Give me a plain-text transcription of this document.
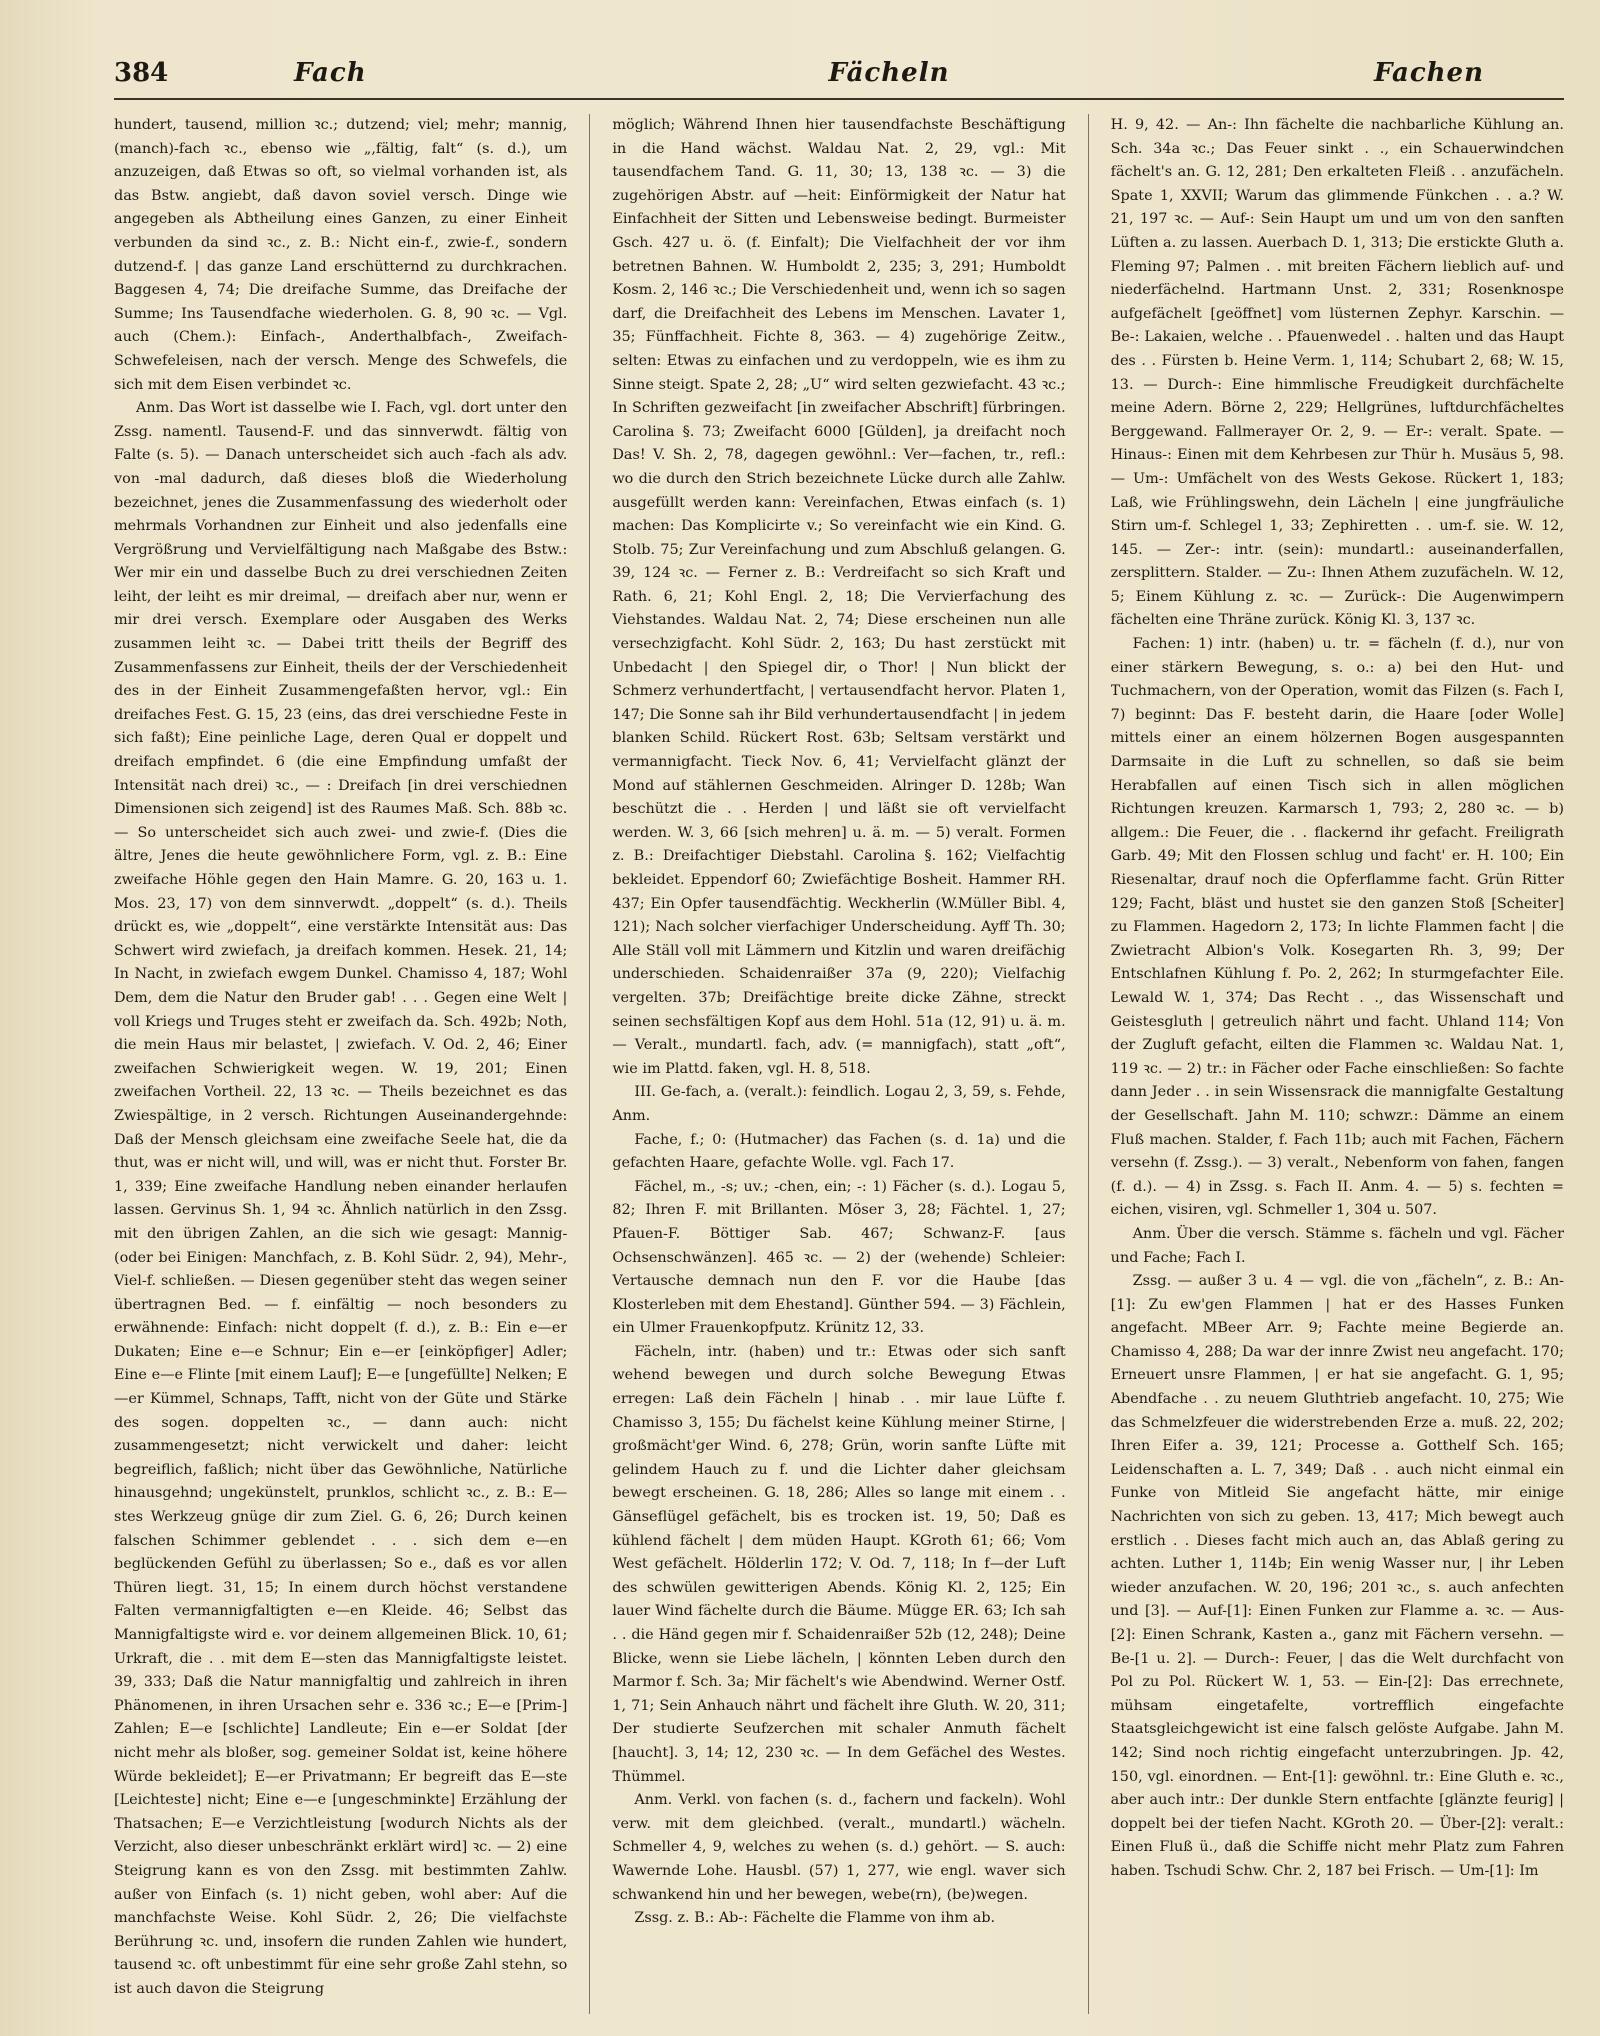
384	Fach	Fächeln	Fachen

hundert, tausend, million ꝛc.; dutzend; viel; mehr; mannig, (manch)-fach ꝛc., ebenso wie „‚fältig, falt“ (s. d.), um anzuzeigen, daß Etwas so oft, so vielmal vorhanden ist, als das Bstw. angiebt, daß davon soviel versch. Dinge wie angegeben als Abtheilung eines Ganzen, zu einer Einheit verbunden da sind ꝛc., z. B.: Nicht ein-f., zwie-f., sondern dutzend-f. | das ganze Land erschütternd zu durchkrachen. Baggesen 4, 74; Die dreifache Summe, das Dreifache der Summe; Ins Tausendfache wiederholen. G. 8, 90 ꝛc. — Vgl. auch (Chem.): Einfach-, Anderthalbfach-, Zweifach-Schwefeleisen, nach der versch. Menge des Schwefels, die sich mit dem Eisen verbindet ꝛc.

Anm. Das Wort ist dasselbe wie I. Fach, vgl. dort unter den Zssg. namentl. Tausend-F. und das sinnverwdt. fältig von Falte (s. 5). — Danach unterscheidet sich auch -fach als adv. von -mal dadurch, daß dieses bloß die Wiederholung bezeichnet, jenes die Zusammenfassung des wiederholt oder mehrmals Vorhandnen zur Einheit und also jedenfalls eine Vergrößrung und Vervielfältigung nach Maßgabe des Bstw.: Wer mir ein und dasselbe Buch zu drei verschiednen Zeiten leiht, der leiht es mir dreimal, — dreifach aber nur, wenn er mir drei versch. Exemplare oder Ausgaben des Werks zusammen leiht ꝛc. — Dabei tritt theils der Begriff des Zusammenfassens zur Einheit, theils der der Verschiedenheit des in der Einheit Zusammengefaßten hervor, vgl.: Ein dreifaches Fest. G. 15, 23 (eins, das drei verschiedne Feste in sich faßt); Eine peinliche Lage, deren Qual er doppelt und dreifach empfindet. 6 (die eine Empfindung umfaßt der Intensität nach drei) ꝛc., — : Dreifach [in drei verschiednen Dimensionen sich zeigend] ist des Raumes Maß. Sch. 88b ꝛc. — So unterscheidet sich auch zwei- und zwie-f. (Dies die ältre, Jenes die heute gewöhnlichere Form, vgl. z. B.: Eine zweifache Höhle gegen den Hain Mamre. G. 20, 163 u. 1. Mos. 23, 17) von dem sinnverwdt. „doppelt“ (s. d.). Theils drückt es, wie „doppelt“, eine verstärkte Intensität aus: Das Schwert wird zwiefach, ja dreifach kommen. Hesek. 21, 14; In Nacht, in zwiefach ewgem Dunkel. Chamisso 4, 187; Wohl Dem, dem die Natur den Bruder gab! . . . Gegen eine Welt | voll Kriegs und Truges steht er zweifach da. Sch. 492b; Noth, die mein Haus mir belastet, | zwiefach. V. Od. 2, 46; Einer zweifachen Schwierigkeit wegen. W. 19, 201; Einen zweifachen Vortheil. 22, 13 ꝛc. — Theils bezeichnet es das Zwiespältige, in 2 versch. Richtungen Auseinandergehnde: Daß der Mensch gleichsam eine zweifache Seele hat, die da thut, was er nicht will, und will, was er nicht thut. Forster Br. 1, 339; Eine zweifache Handlung neben einander herlaufen lassen. Gervinus Sh. 1, 94 ꝛc. Ähnlich natürlich in den Zssg. mit den übrigen Zahlen, an die sich wie gesagt: Mannig- (oder bei Einigen: Manchfach, z. B. Kohl Südr. 2, 94), Mehr-, Viel-f. schließen. — Diesen gegenüber steht das wegen seiner übertragnen Bed. — f. einfältig — noch besonders zu erwähnende: Einfach: nicht doppelt (f. d.), z. B.: Ein e—er Dukaten; Eine e—e Schnur; Ein e—er [einköpfiger] Adler; Eine e—e Flinte [mit einem Lauf]; E—e [ungefüllte] Nelken; E—er Kümmel, Schnaps, Tafft, nicht von der Güte und Stärke des sogen. doppelten ꝛc., — dann auch: nicht zusammengesetzt; nicht verwickelt und daher: leicht begreiflich, faßlich; nicht über das Gewöhnliche, Natürliche hinausgehnd; ungekünstelt, prunklos, schlicht ꝛc., z. B.: E—stes Werkzeug gnüge dir zum Ziel. G. 6, 26; Durch keinen falschen Schimmer geblendet . . . sich dem e—en beglückenden Gefühl zu überlassen; So e., daß es vor allen Thüren liegt. 31, 15; In einem durch höchst verstandene Falten vermannigfaltigten e—en Kleide. 46; Selbst das Mannigfaltigste wird e. vor deinem allgemeinen Blick. 10, 61; Urkraft, die . . mit dem E—sten das Mannigfaltigste leistet. 39, 333; Daß die Natur mannigfaltig und zahlreich in ihren Phänomenen, in ihren Ursachen sehr e. 336 ꝛc.; E—e [Prim-] Zahlen; E—e [schlichte] Landleute; Ein e—er Soldat [der nicht mehr als bloßer, sog. gemeiner Soldat ist, keine höhere Würde bekleidet]; E—er Privatmann; Er begreift das E—ste [Leichteste] nicht; Eine e—e [ungeschminkte] Erzählung der Thatsachen; E—e Verzichtleistung [wodurch Nichts als der Verzicht, also dieser unbeschränkt erklärt wird] ꝛc. — 2) eine Steigrung kann es von den Zssg. mit bestimmten Zahlw. außer von Einfach (s. 1) nicht geben, wohl aber: Auf die manchfachste Weise. Kohl Südr. 2, 26; Die vielfachste Berührung ꝛc. und, insofern die runden Zahlen wie hundert, tausend ꝛc. oft unbestimmt für eine sehr große Zahl stehn, so ist auch davon die Steigrung

möglich; Während Ihnen hier tausendfachste Beschäftigung in die Hand wächst. Waldau Nat. 2, 29, vgl.: Mit tausendfachem Tand. G. 11, 30; 13, 138 ꝛc. — 3) die zugehörigen Abstr. auf —heit: Einförmigkeit der Natur hat Einfachheit der Sitten und Lebensweise bedingt. Burmeister Gsch. 427 u. ö. (f. Einfalt); Die Vielfachheit der vor ihm betretnen Bahnen. W. Humboldt 2, 235; 3, 291; Humboldt Kosm. 2, 146 ꝛc.; Die Verschiedenheit und, wenn ich so sagen darf, die Dreifachheit des Lebens im Menschen. Lavater 1, 35; Fünffachheit. Fichte 8, 363. — 4) zugehörige Zeitw., selten: Etwas zu einfachen und zu verdoppeln, wie es ihm zu Sinne steigt. Spate 2, 28; „U“ wird selten gezwiefacht. 43 ꝛc.; In Schriften gezweifacht [in zweifacher Abschrift] fürbringen. Carolina §. 73; Zweifacht 6000 [Gülden], ja dreifacht noch Das! V. Sh. 2, 78, dagegen gewöhnl.: Ver—fachen, tr., refl.: wo die durch den Strich bezeichnete Lücke durch alle Zahlw. ausgefüllt werden kann: Vereinfachen, Etwas einfach (s. 1) machen: Das Komplicirte v.; So vereinfacht wie ein Kind. G. Stolb. 75; Zur Vereinfachung und zum Abschluß gelangen. G. 39, 124 ꝛc. — Ferner z. B.: Verdreifacht so sich Kraft und Rath. 6, 21; Kohl Engl. 2, 18; Die Vervierfachung des Viehstandes. Waldau Nat. 2, 74; Diese erscheinen nun alle versechzigfacht. Kohl Südr. 2, 163; Du hast zerstückt mit Unbedacht | den Spiegel dir, o Thor! | Nun blickt der Schmerz verhundertfacht, | vertausendfacht hervor. Platen 1, 147; Die Sonne sah ihr Bild verhundertausendfacht | in jedem blanken Schild. Rückert Rost. 63b; Seltsam verstärkt und vermannigfacht. Tieck Nov. 6, 41; Vervielfacht glänzt der Mond auf stählernen Geschmeiden. Alringer D. 128b; Wan beschützt die . . Herden | und läßt sie oft vervielfacht werden. W. 3, 66 [sich mehren] u. ä. m. — 5) veralt. Formen z. B.: Dreifachtiger Diebstahl. Carolina §. 162; Vielfachtig bekleidet. Eppendorf 60; Zwiefächtige Bosheit. Hammer RH. 437; Ein Opfer tausendfächtig. Weckherlin (W.Müller Bibl. 4, 121); Nach solcher vierfachiger Underscheidung. Ayff Th. 30; Alle Ställ voll mit Lämmern und Kitzlin und waren dreifächig underschieden. Schaidenraißer 37a (9, 220); Vielfachig vergelten. 37b; Dreifächtige breite dicke Zähne, streckt seinen sechsfältigen Kopf aus dem Hohl. 51a (12, 91) u. ä. m. — Veralt., mundartl. fach, adv. (= mannigfach), statt „oft“, wie im Plattd. faken, vgl. H. 8, 518.

III. Ge-fach, a. (veralt.): feindlich. Logau 2, 3, 59, s. Fehde, Anm.

Fache, f.; 0: (Hutmacher) das Fachen (s. d. 1a) und die gefachten Haare, gefachte Wolle. vgl. Fach 17.

Fächel, m., -s; uv.; -chen, ein; -: 1) Fächer (s. d.). Logau 5, 82; Ihren F. mit Brillanten. Möser 3, 28; Fächtel. 1, 27; Pfauen-F. Böttiger Sab. 467; Schwanz-F. [aus Ochsenschwänzen]. 465 ꝛc. — 2) der (wehende) Schleier: Vertausche demnach nun den F. vor die Haube [das Klosterleben mit dem Ehestand]. Günther 594. — 3) Fächlein, ein Ulmer Frauenkopfputz. Krünitz 12, 33.

Fächeln, intr. (haben) und tr.: Etwas oder sich sanft wehend bewegen und durch solche Bewegung Etwas erregen: Laß dein Fächeln | hinab . . mir laue Lüfte f. Chamisso 3, 155; Du fächelst keine Kühlung meiner Stirne, | großmächt'ger Wind. 6, 278; Grün, worin sanfte Lüfte mit gelindem Hauch zu f. und die Lichter daher gleichsam bewegt erscheinen. G. 18, 286; Alles so lange mit einem . . Gänseflügel gefächelt, bis es trocken ist. 19, 50; Daß es kühlend fächelt | dem müden Haupt. KGroth 61; 66; Vom West gefächelt. Hölderlin 172; V. Od. 7, 118; In f—der Luft des schwülen gewitterigen Abends. König Kl. 2, 125; Ein lauer Wind fächelte durch die Bäume. Mügge ER. 63; Ich sah . . die Händ gegen mir f. Schaidenraißer 52b (12, 248); Deine Blicke, wenn sie Liebe lächeln, | könnten Leben durch den Marmor f. Sch. 3a; Mir fächelt's wie Abendwind. Werner Ostf. 1, 71; Sein Anhauch nährt und fächelt ihre Gluth. W. 20, 311; Der studierte Seufzerchen mit schaler Anmuth fächelt [haucht]. 3, 14; 12, 230 ꝛc. — In dem Gefächel des Westes. Thümmel.

Anm. Verkl. von fachen (s. d., fachern und fackeln). Wohl verw. mit dem gleichbed. (veralt., mundartl.) wächeln. Schmeller 4, 9, welches zu wehen (s. d.) gehört. — S. auch: Wawernde Lohe. Hausbl. (57) 1, 277, wie engl. waver sich schwankend hin und her bewegen, webe(rn), (be)wegen.

Zssg. z. B.: Ab-: Fächelte die Flamme von ihm ab.

H. 9, 42. — An-: Ihn fächelte die nachbarliche Kühlung an. Sch. 34a ꝛc.; Das Feuer sinkt . ., ein Schauerwindchen fächelt's an. G. 12, 281; Den erkalteten Fleiß . . anzufächeln. Spate 1, XXVII; Warum das glimmende Fünkchen . . a.? W. 21, 197 ꝛc. — Auf-: Sein Haupt um und um von den sanften Lüften a. zu lassen. Auerbach D. 1, 313; Die erstickte Gluth a. Fleming 97; Palmen . . mit breiten Fächern lieblich auf- und niederfächelnd. Hartmann Unst. 2, 331; Rosenknospe aufgefächelt [geöffnet] vom lüsternen Zephyr. Karschin. — Be-: Lakaien, welche . . Pfauenwedel . . halten und das Haupt des . . Fürsten b. Heine Verm. 1, 114; Schubart 2, 68; W. 15, 13. — Durch-: Eine himmlische Freudigkeit durchfächelte meine Adern. Börne 2, 229; Hellgrünes, luftdurchfächeltes Berggewand. Fallmerayer Or. 2, 9. — Er-: veralt. Spate. — Hinaus-: Einen mit dem Kehrbesen zur Thür h. Musäus 5, 98. — Um-: Umfächelt von des Wests Gekose. Rückert 1, 183; Laß, wie Frühlingswehn, dein Lächeln | eine jungfräuliche Stirn um-f. Schlegel 1, 33; Zephiretten . . um-f. sie. W. 12, 145. — Zer-: intr. (sein): mundartl.: auseinanderfallen, zersplittern. Stalder. — Zu-: Ihnen Athem zuzufächeln. W. 12, 5; Einem Kühlung z. ꝛc. — Zurück-: Die Augenwimpern fächelten eine Thräne zurück. König Kl. 3, 137 ꝛc.

Fachen: 1) intr. (haben) u. tr. = fächeln (f. d.), nur von einer stärkern Bewegung, s. o.: a) bei den Hut- und Tuchmachern, von der Operation, womit das Filzen (s. Fach I, 7) beginnt: Das F. besteht darin, die Haare [oder Wolle] mittels einer an einem hölzernen Bogen ausgespannten Darmsaite in die Luft zu schnellen, so daß sie beim Herabfallen auf einen Tisch sich in allen möglichen Richtungen kreuzen. Karmarsch 1, 793; 2, 280 ꝛc. — b) allgem.: Die Feuer, die . . flackernd ihr gefacht. Freiligrath Garb. 49; Mit den Flossen schlug und facht' er. H. 100; Ein Riesenaltar, drauf noch die Opferflamme facht. Grün Ritter 129; Facht, bläst und hustet sie den ganzen Stoß [Scheiter] zu Flammen. Hagedorn 2, 173; In lichte Flammen facht | die Zwietracht Albion's Volk. Kosegarten Rh. 3, 99; Der Entschlafnen Kühlung f. Po. 2, 262; In sturmgefachter Eile. Lewald W. 1, 374; Das Recht . ., das Wissenschaft und Geistesgluth | getreulich nährt und facht. Uhland 114; Von der Zugluft gefacht, eilten die Flammen ꝛc. Waldau Nat. 1, 119 ꝛc. — 2) tr.: in Fächer oder Fache einschließen: So fachte dann Jeder . . in sein Wissensrack die mannigfalte Gestaltung der Gesellschaft. Jahn M. 110; schwzr.: Dämme an einem Fluß machen. Stalder, f. Fach 11b; auch mit Fachen, Fächern versehn (f. Zssg.). — 3) veralt., Nebenform von fahen, fangen (f. d.). — 4) in Zssg. s. Fach II. Anm. 4. — 5) s. fechten = eichen, visiren, vgl. Schmeller 1, 304 u. 507.

Anm. Über die versch. Stämme s. fächeln und vgl. Fächer und Fache; Fach I.

Zssg. — außer 3 u. 4 — vgl. die von „fächeln“, z. B.: An-[1]: Zu ew'gen Flammen | hat er des Hasses Funken angefacht. MBeer Arr. 9; Fachte meine Begierde an. Chamisso 4, 288; Da war der innre Zwist neu angefacht. 170; Erneuert unsre Flammen, | er hat sie angefacht. G. 1, 95; Abendfache . . zu neuem Gluthtrieb angefacht. 10, 275; Wie das Schmelzfeuer die widerstrebenden Erze a. muß. 22, 202; Ihren Eifer a. 39, 121; Processe a. Gotthelf Sch. 165; Leidenschaften a. L. 7, 349; Daß . . auch nicht einmal ein Funke von Mitleid Sie angefacht hätte, mir einige Nachrichten von sich zu geben. 13, 417; Mich bewegt auch erstlich . . Dieses facht mich auch an, das Ablaß gering zu achten. Luther 1, 114b; Ein wenig Wasser nur, | ihr Leben wieder anzufachen. W. 20, 196; 201 ꝛc., s. auch anfechten und [3]. — Auf-[1]: Einen Funken zur Flamme a. ꝛc. — Aus-[2]: Einen Schrank, Kasten a., ganz mit Fächern versehn. — Be-[1 u. 2]. — Durch-: Feuer, | das die Welt durchfacht von Pol zu Pol. Rückert W. 1, 53. — Ein-[2]: Das errechnete, mühsam eingetafelte, vortrefflich eingefachte Staatsgleichgewicht ist eine falsch gelöste Aufgabe. Jahn M. 142; Sind noch richtig eingefacht unterzubringen. Jp. 42, 150, vgl. einordnen. — Ent-[1]: gewöhnl. tr.: Eine Gluth e. ꝛc., aber auch intr.: Der dunkle Stern entfachte [glänzte feurig] | doppelt bei der tiefen Nacht. KGroth 20. — Über-[2]: veralt.: Einen Fluß ü., daß die Schiffe nicht mehr Platz zum Fahren haben. Tschudi Schw. Chr. 2, 187 bei Frisch. — Um-[1]: Im
